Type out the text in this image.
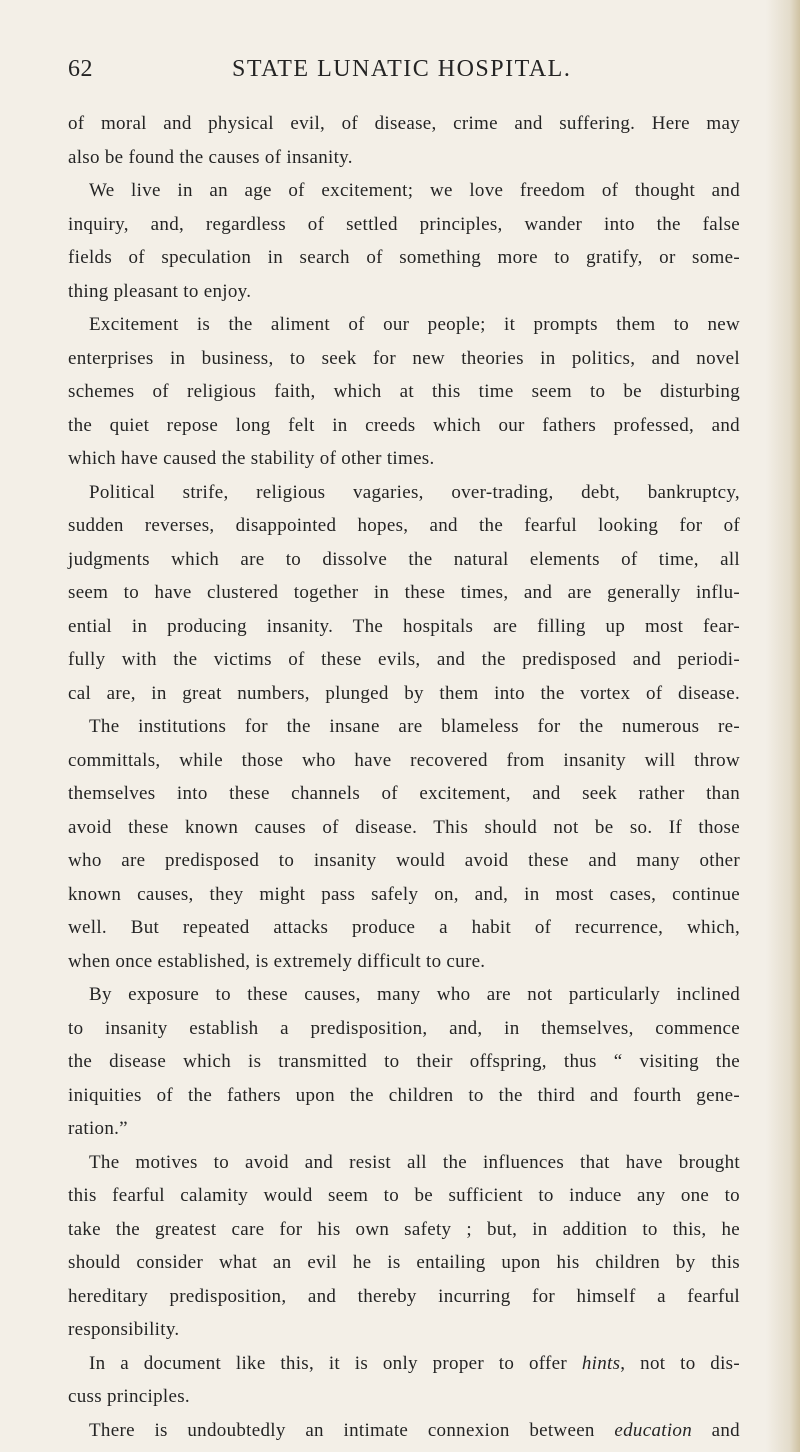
62	STATE LUNATIC HOSPITAL.
of moral and physical evil, of disease, crime and suffering. Here may
also be found the causes of insanity.
We live in an age of excitement; we love freedom of thought and
inquiry, and, regardless of settled principles, wander into the false
fields of speculation in search of something more to gratify, or some-
thing pleasant to enjoy.
Excitement is the aliment of our people; it prompts them to new
enterprises in business, to seek for new theories in politics, and novel
schemes of religious faith, which at this time seem to be disturbing
the quiet repose long felt in creeds which our fathers professed, and
which have caused the stability of other times.
Political strife, religious vagaries, over-trading, debt, bankruptcy,
sudden reverses, disappointed hopes, and the fearful looking for of
judgments which are to dissolve the natural elements of time, all
seem to have clustered together in these times, and are generally influ-
ential in producing insanity. The hospitals are filling up most fear-
fully with the victims of these evils, and the predisposed and periodi-
cal are, in great numbers, plunged by them into the vortex of disease.
The institutions for the insane are blameless for the numerous re-
committals, while those who have recovered from insanity will throw
themselves into these channels of excitement, and seek rather than
avoid these known causes of disease. This should not be so. If those
who are predisposed to insanity would avoid these and many other
known causes, they might pass safely on, and, in most cases, continue
well. But repeated attacks produce a habit of recurrence, which,
when once established, is extremely difficult to cure.
By exposure to these causes, many who are not particularly inclined
to insanity establish a predisposition, and, in themselves, commence
the disease which is transmitted to their offspring, thus “ visiting the
iniquities of the fathers upon the children to the third and fourth gene-
ration.”
The motives to avoid and resist all the influences that have brought
this fearful calamity would seem to be sufficient to induce any one to
take the greatest care for his own safety ; but, in addition to this, he
should consider what an evil he is entailing upon his children by this
hereditary predisposition, and thereby incurring for himself a fearful
responsibility.
In a document like this, it is only proper to offer hints, not to dis-
cuss principles.
There is undoubtedly an intimate connexion between education and
